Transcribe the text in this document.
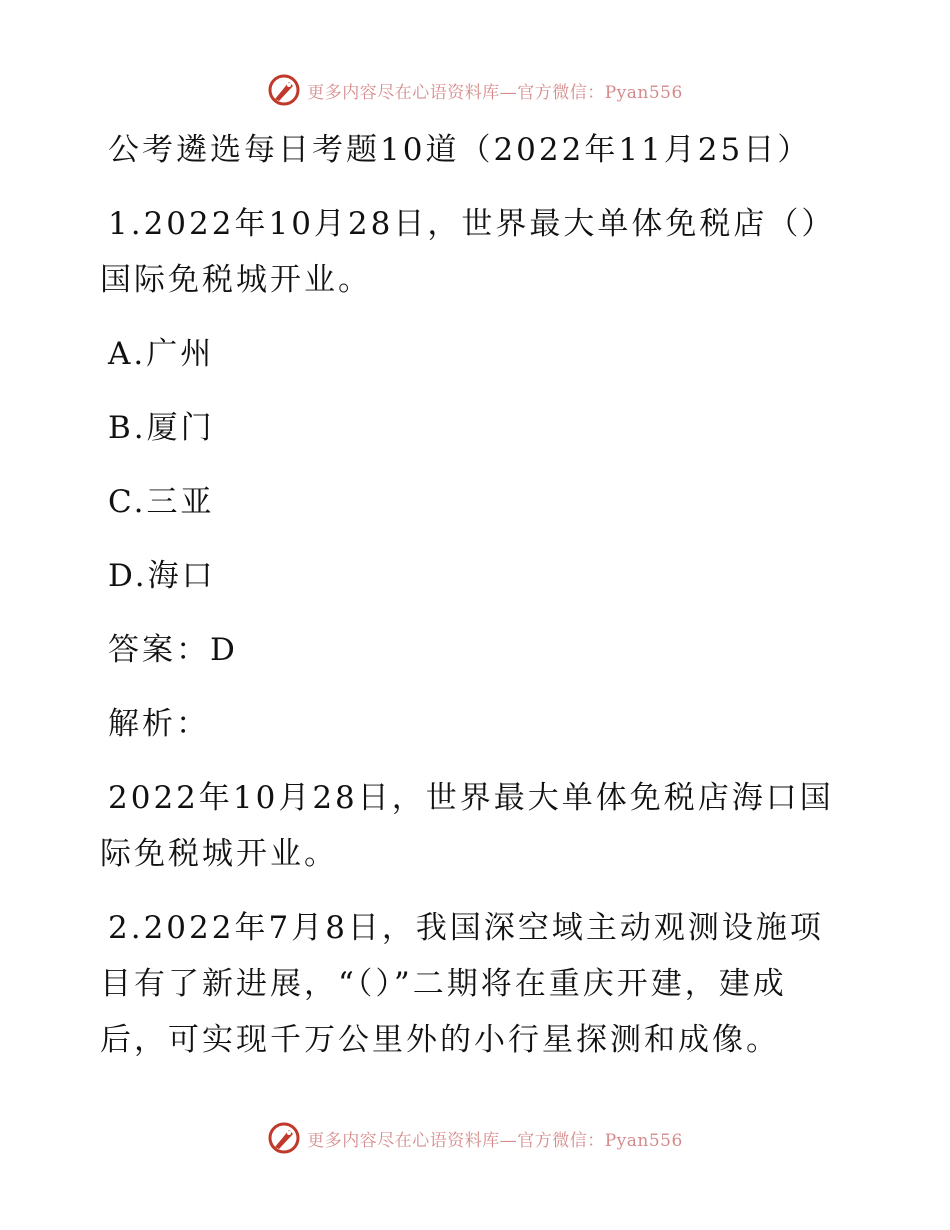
更多内容尽在心语资料库—官方微信：Pyan556

公考遴选每日考题10道（2022年11月25日）

1.2022年10月28日，世界最大单体免税店（）

国际免税城开业。

A.广州

B.厦门

C.三亚

D.海口

答案：D

解析：

2022年10月28日，世界最大单体免税店海口国

际免税城开业。

2.2022年7月8日，我国深空域主动观测设施项

目有了新进展，“（）”二期将在重庆开建，建成

后，可实现千万公里外的小行星探测和成像。

更多内容尽在心语资料库—官方微信：Pyan556
